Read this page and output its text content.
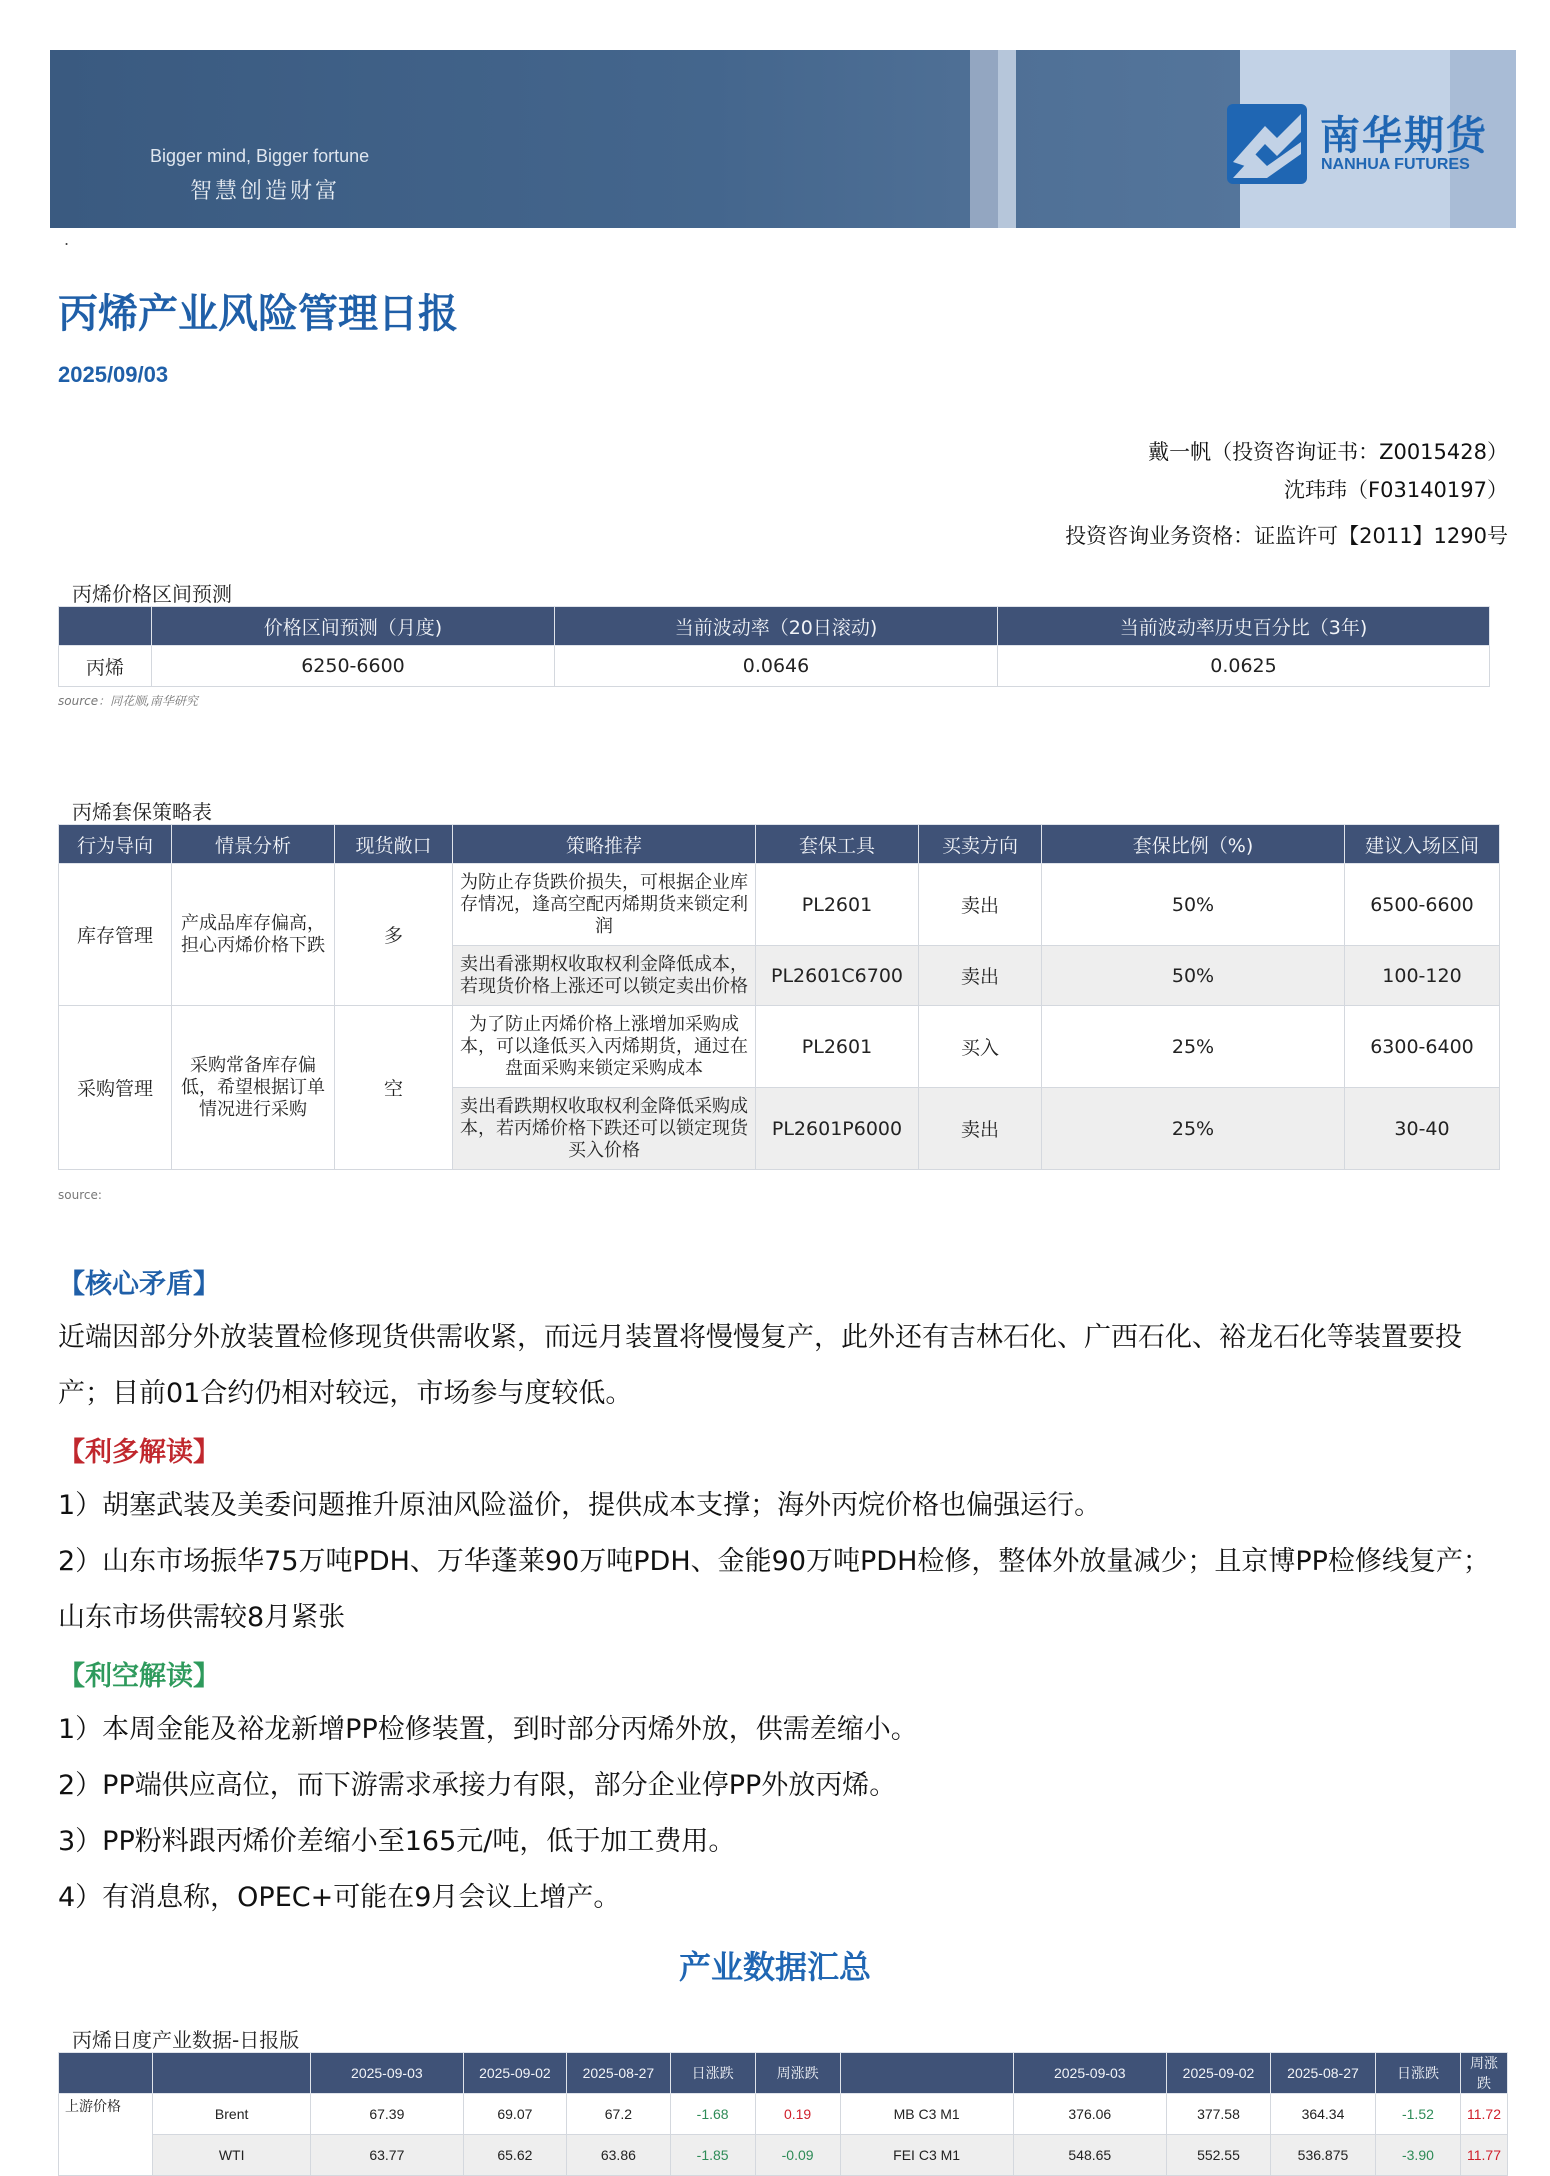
Bigger mind, Bigger fortune
智慧创造财富
南华期货
NANHUA FUTURES
.
丙烯产业风险管理日报
2025/09/03
戴一帆（投资咨询证书：Z0015428）
沈玮玮（F03140197）
投资咨询业务资格：证监许可【2011】1290号
丙烯价格区间预测
	价格区间预测（月度)	当前波动率（20日滚动)	当前波动率历史百分比（3年)
丙烯	6250-6600	0.0646	0.0625
source：同花顺,南华研究
丙烯套保策略表
行为导向	情景分析	现货敞口	策略推荐	套保工具	买卖方向	套保比例（%)	建议入场区间
库存管理	产成品库存偏高，担心丙烯价格下跌	多	为防止存货跌价损失，可根据企业库存情况，逢高空配丙烯期货来锁定利润	PL2601	卖出	50%	6500-6600
			卖出看涨期权收取权利金降低成本，若现货价格上涨还可以锁定卖出价格	PL2601C6700	卖出	50%	100-120
采购管理	采购常备库存偏低，希望根据订单情况进行采购	空	为了防止丙烯价格上涨增加采购成本，可以逢低买入丙烯期货，通过在盘面采购来锁定采购成本	PL2601	买入	25%	6300-6400
			卖出看跌期权收取权利金降低采购成本，若丙烯价格下跌还可以锁定现货买入价格	PL2601P6000	卖出	25%	30-40
source:
【核心矛盾】
近端因部分外放装置检修现货供需收紧，而远月装置将慢慢复产，此外还有吉林石化、广西石化、裕龙石化等装置要投产；目前01合约仍相对较远，市场参与度较低。
【利多解读】
1）胡塞武装及美委问题推升原油风险溢价，提供成本支撑；海外丙烷价格也偏强运行。
2）山东市场振华75万吨PDH、万华蓬莱90万吨PDH、金能90万吨PDH检修，整体外放量减少；且京博PP检修线复产；山东市场供需较8月紧张
【利空解读】
1）本周金能及裕龙新增PP检修装置，到时部分丙烯外放，供需差缩小。
2）PP端供应高位，而下游需求承接力有限，部分企业停PP外放丙烯。
3）PP粉料跟丙烯价差缩小至165元/吨，低于加工费用。
4）有消息称，OPEC+可能在9月会议上增产。
产业数据汇总
丙烯日度产业数据-日报版
		2025-09-03	2025-09-02	2025-08-27	日涨跌	周涨跌		2025-09-03	2025-09-02	2025-08-27	日涨跌	周涨跌
上游价格	Brent	67.39	69.07	67.2	-1.68	0.19	MB C3 M1	376.06	377.58	364.34	-1.52	11.72
	WTI	63.77	65.62	63.86	-1.85	-0.09	FEI C3 M1	548.65	552.55	536.875	-3.90	11.77
